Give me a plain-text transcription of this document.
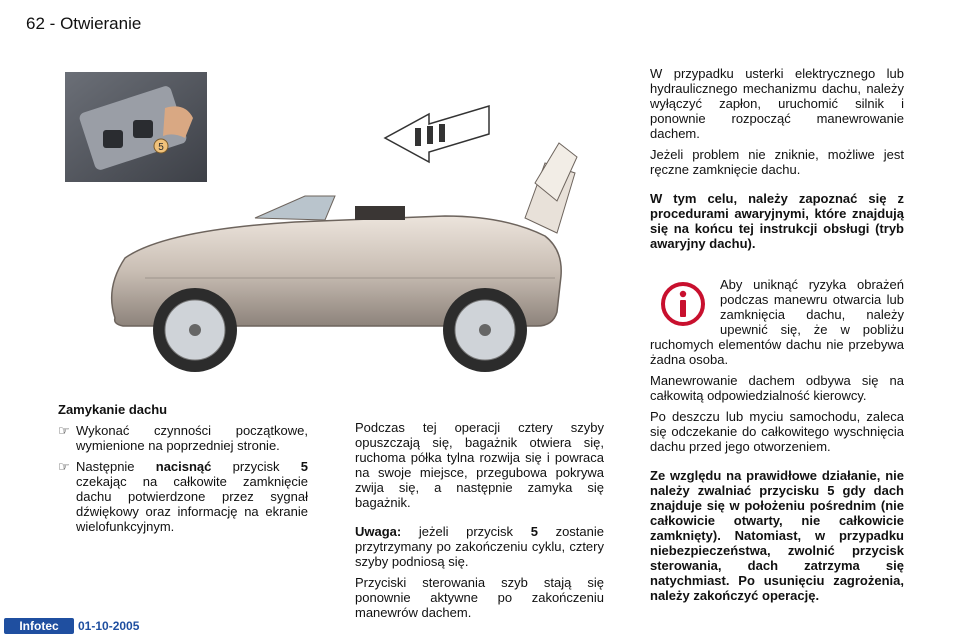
62 - Otwieranie
5

Zamykanie dachu

☞ Wykonać czynności początkowe, wymienione na poprzedniej stronie.

☞ Następnie nacisnąć przycisk 5 czekając na całkowite zamknięcie dachu potwierdzone przez sygnał dźwiękowy oraz informację na ekranie wielofunkcyjnym.

Podczas tej operacji cztery szyby opuszczają się, bagażnik otwiera się, ruchoma półka tylna rozwija się i powraca na swoje miejsce, przegubowa pokrywa zwija się, a następnie zamyka się bagażnik.

Uwaga: jeżeli przycisk 5 zostanie przytrzymany po zakończeniu cyklu, cztery szyby podniosą się.

Przyciski sterowania szyb stają się ponownie aktywne po zakończeniu manewrów dachem.

W przypadku usterki elektrycznego lub hydraulicznego mechanizmu dachu, należy wyłączyć zapłon, uruchomić silnik i ponownie rozpocząć manewrowanie dachem.

Jeżeli problem nie zniknie, możliwe jest ręczne zamknięcie dachu.

W tym celu, należy zapoznać się z procedurami awaryjnymi, które znajdują się na końcu tej instrukcji obsługi (tryb awaryjny dachu).

Aby uniknąć ryzyka obrażeń podczas manewru otwarcia lub zamknięcia dachu, należy upewnić się, że w pobliżu ruchomych elementów dachu nie przebywa żadna osoba.

Manewrowanie dachem odbywa się na całkowitą odpowiedzialność kierowcy.

Po deszczu lub myciu samochodu, zaleca się odczekanie do całkowitego wyschnięcia dachu przed jego otworzeniem.

Ze względu na prawidłowe działanie, nie należy zwalniać przycisku 5 gdy dach znajduje się w położeniu pośrednim (nie całkowicie otwarty, nie całkowicie zamknięty). Natomiast, w przypadku niebezpieczeństwa, zwolnić przycisk sterowania, dach zatrzyma się natychmiast. Po usunięciu zagrożenia, należy zakończyć operację.

Infotec	01-10-2005
